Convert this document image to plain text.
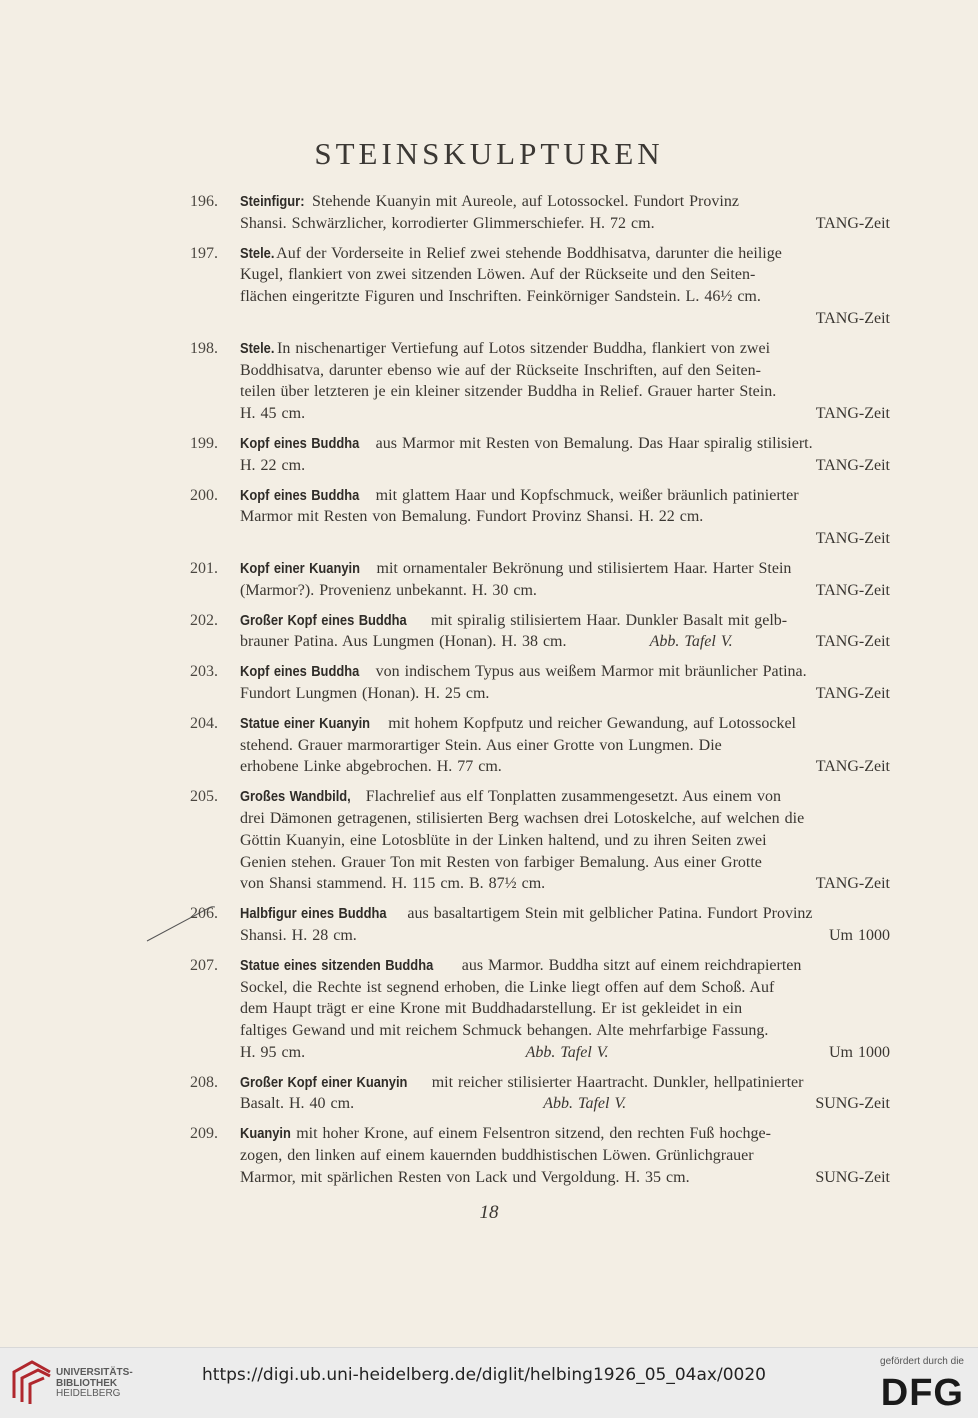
STEINSKULPTUREN
196.	Steinfigur: Stehende Kuanyin mit Aureole, auf Lotossockel. Fundort Provinz
Shansi. Schwärzlicher, korrodierter Glimmerschiefer. H. 72 cm.	TANG-Zeit
197.	Stele. Auf der Vorderseite in Relief zwei stehende Boddhisatva, darunter die heilige
Kugel, flankiert von zwei sitzenden Löwen. Auf der Rückseite und den Seiten-
flächen eingeritzte Figuren und Inschriften. Feinkörniger Sandstein. L. 46½ cm.
TANG-Zeit
198.	Stele. In nischenartiger Vertiefung auf Lotos sitzender Buddha, flankiert von zwei
Boddhisatva, darunter ebenso wie auf der Rückseite Inschriften, auf den Seiten-
teilen über letzteren je ein kleiner sitzender Buddha in Relief. Grauer harter Stein.
H. 45 cm.	TANG-Zeit
199.	Kopf eines Buddha aus Marmor mit Resten von Bemalung. Das Haar spiralig stilisiert.
H. 22 cm.	TANG-Zeit
200.	Kopf eines Buddha mit glattem Haar und Kopfschmuck, weißer bräunlich patinierter
Marmor mit Resten von Bemalung. Fundort Provinz Shansi. H. 22 cm.
TANG-Zeit
201.	Kopf einer Kuanyin mit ornamentaler Bekrönung und stilisiertem Haar. Harter Stein
(Marmor?). Provenienz unbekannt. H. 30 cm.	TANG-Zeit
202.	Großer Kopf eines Buddha mit spiralig stilisiertem Haar. Dunkler Basalt mit gelb-
brauner Patina. Aus Lungmen (Honan). H. 38 cm.	Abb. Tafel V.	TANG-Zeit
203.	Kopf eines Buddha von indischem Typus aus weißem Marmor mit bräunlicher Patina.
Fundort Lungmen (Honan). H. 25 cm.	TANG-Zeit
204.	Statue einer Kuanyin mit hohem Kopfputz und reicher Gewandung, auf Lotossockel
stehend. Grauer marmorartiger Stein. Aus einer Grotte von Lungmen. Die
erhobene Linke abgebrochen. H. 77 cm.	TANG-Zeit
205.	Großes Wandbild, Flachrelief aus elf Tonplatten zusammengesetzt. Aus einem von
drei Dämonen getragenen, stilisierten Berg wachsen drei Lotoskelche, auf welchen die
Göttin Kuanyin, eine Lotosblüte in der Linken haltend, und zu ihren Seiten zwei
Genien stehen. Grauer Ton mit Resten von farbiger Bemalung. Aus einer Grotte
von Shansi stammend. H. 115 cm. B. 87½ cm.	TANG-Zeit
206.	Halbfigur eines Buddha aus basaltartigem Stein mit gelblicher Patina. Fundort Provinz
Shansi. H. 28 cm.	Um 1000
207.	Statue eines sitzenden Buddha aus Marmor. Buddha sitzt auf einem reichdrapierten
Sockel, die Rechte ist segnend erhoben, die Linke liegt offen auf dem Schoß. Auf
dem Haupt trägt er eine Krone mit Buddhadarstellung. Er ist gekleidet in ein
faltiges Gewand und mit reichem Schmuck behangen. Alte mehrfarbige Fassung.
H. 95 cm.	Abb. Tafel V.	Um 1000
208.	Großer Kopf einer Kuanyin mit reicher stilisierter Haartracht. Dunkler, hellpatinierter
Basalt. H. 40 cm.	Abb. Tafel V.	SUNG-Zeit
209.	Kuanyin mit hoher Krone, auf einem Felsentron sitzend, den rechten Fuß hochge-
zogen, den linken auf einem kauernden buddhistischen Löwen. Grünlichgrauer
Marmor, mit spärlichen Resten von Lack und Vergoldung. H. 35 cm.	SUNG-Zeit
18
UNIVERSITÄTS-
BIBLIOTHEK
HEIDELBERG
https://digi.ub.uni-heidelberg.de/diglit/helbing1926_05_04ax/0020
gefördert durch die
DFG
